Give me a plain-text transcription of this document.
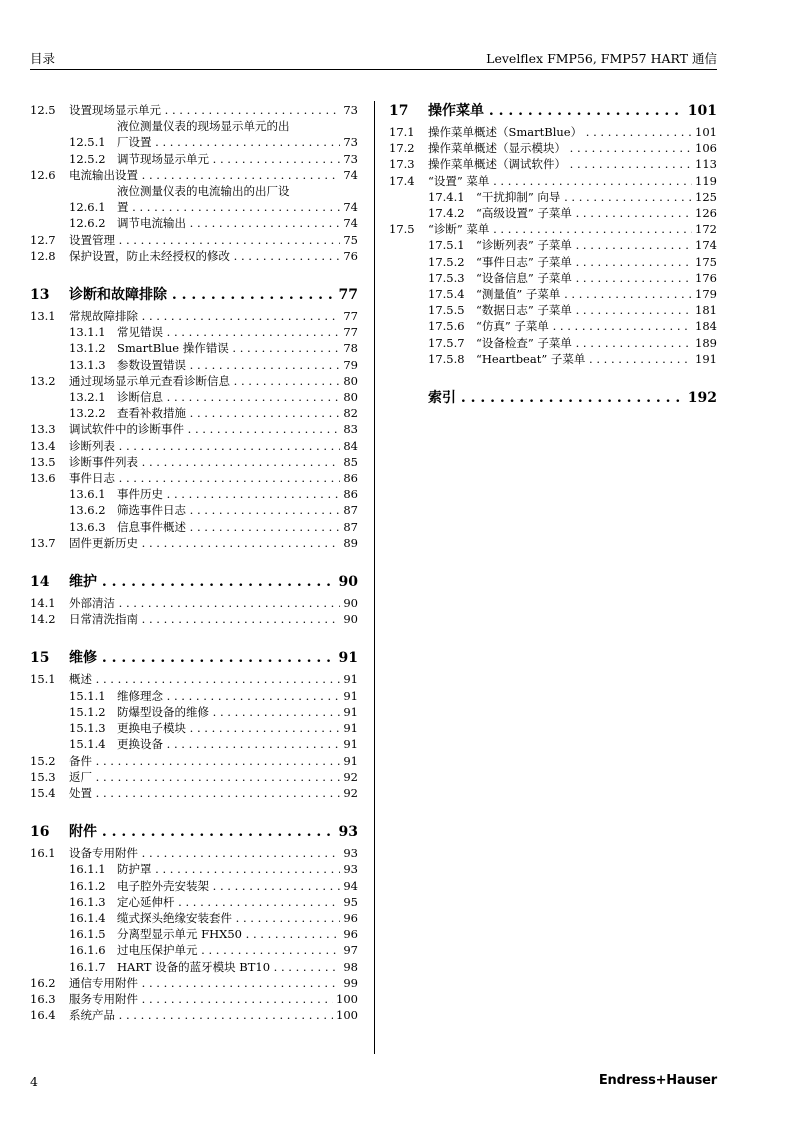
目录	Levelflex FMP56, FMP57 HART 通信
12.5	设置现场显示单元 . . .	73
12.5.1
液位测量仪表的现场显示单元的出
厂设置 . . .	73
12.5.2 调节现场显示单元 . . .	73
12.6	电流输出设置 . . .	74
12.6.1
液位测量仪表的电流输出的出厂设
置 . . .	74
12.6.2 调节电流输出 . . .	74
12.7	设置管理 . . .	75
12.8	保护设置，防止未经授权的修改 . . .	76
13	诊断和故障排除 . . .	77
13.1	常规故障排除 . . .	77
13.1.1 常见错误 . . .	77
13.1.2 SmartBlue 操作错误 . . .	78
13.1.3 参数设置错误 . . .	79
13.2	通过现场显示单元查看诊断信息 . . .	80
13.2.1 诊断信息 . . .	80
13.2.2 查看补救措施 . . .	82
13.3	调试软件中的诊断事件 . . .	83
13.4	诊断列表 . . .	84
13.5	诊断事件列表 . . .	85
13.6	事件日志 . . .	86
13.6.1 事件历史 . . .	86
13.6.2 筛选事件日志 . . .	87
13.6.3 信息事件概述 . . .	87
13.7	固件更新历史 . . .	89
14	维护 . . .	90
14.1	外部清洁 . . .	90
14.2	日常清洗指南 . . .	90
15	维修 . . .	91
15.1	概述 . . .	91
15.1.1 维修理念 . . .	91
15.1.2 防爆型设备的维修 . . .	91
15.1.3 更换电子模块 . . .	91
15.1.4 更换设备 . . .	91
15.2	备件 . . .	91
15.3	返厂 . . .	92
15.4	处置 . . .	92
16	附件 . . .	93
16.1	设备专用附件 . . .	93
16.1.1 防护罩 . . .	93
16.1.2 电子腔外壳安装架 . . .	94
16.1.3 定心延伸杆 . . .	95
16.1.4 缆式探头绝缘安装套件 . . .	96
16.1.5 分离型显示单元 FHX50 . . .	96
16.1.6 过电压保护单元 . . .	97
16.1.7 HART 设备的蓝牙模块 BT10 . . .	98
16.2	通信专用附件 . . .	99
16.3	服务专用附件 . . .	100
16.4	系统产品 . . .	100
17	操作菜单 . . .	101
17.1	操作菜单概述（SmartBlue） . . .	101
17.2	操作菜单概述（显示模块） . . .	106
17.3	操作菜单概述（调试软件） . . .	113
17.4	“设置” 菜单 . . .	119
17.4.1 “干扰抑制” 向导 . . .	125
17.4.2 “高级设置” 子菜单 . . .	126
17.5	“诊断” 菜单 . . .	172
17.5.1 “诊断列表” 子菜单 . . .	174
17.5.2 “事件日志” 子菜单 . . .	175
17.5.3 “设备信息” 子菜单 . . .	176
17.5.4 “测量值” 子菜单 . . .	179
17.5.5 “数据日志” 子菜单 . . .	181
17.5.6 “仿真” 子菜单 . . .	184
17.5.7 “设备检查” 子菜单 . . .	189
17.5.8 “Heartbeat” 子菜单 . . .	191
索引 . . .	192
4	Endress+Hauser
